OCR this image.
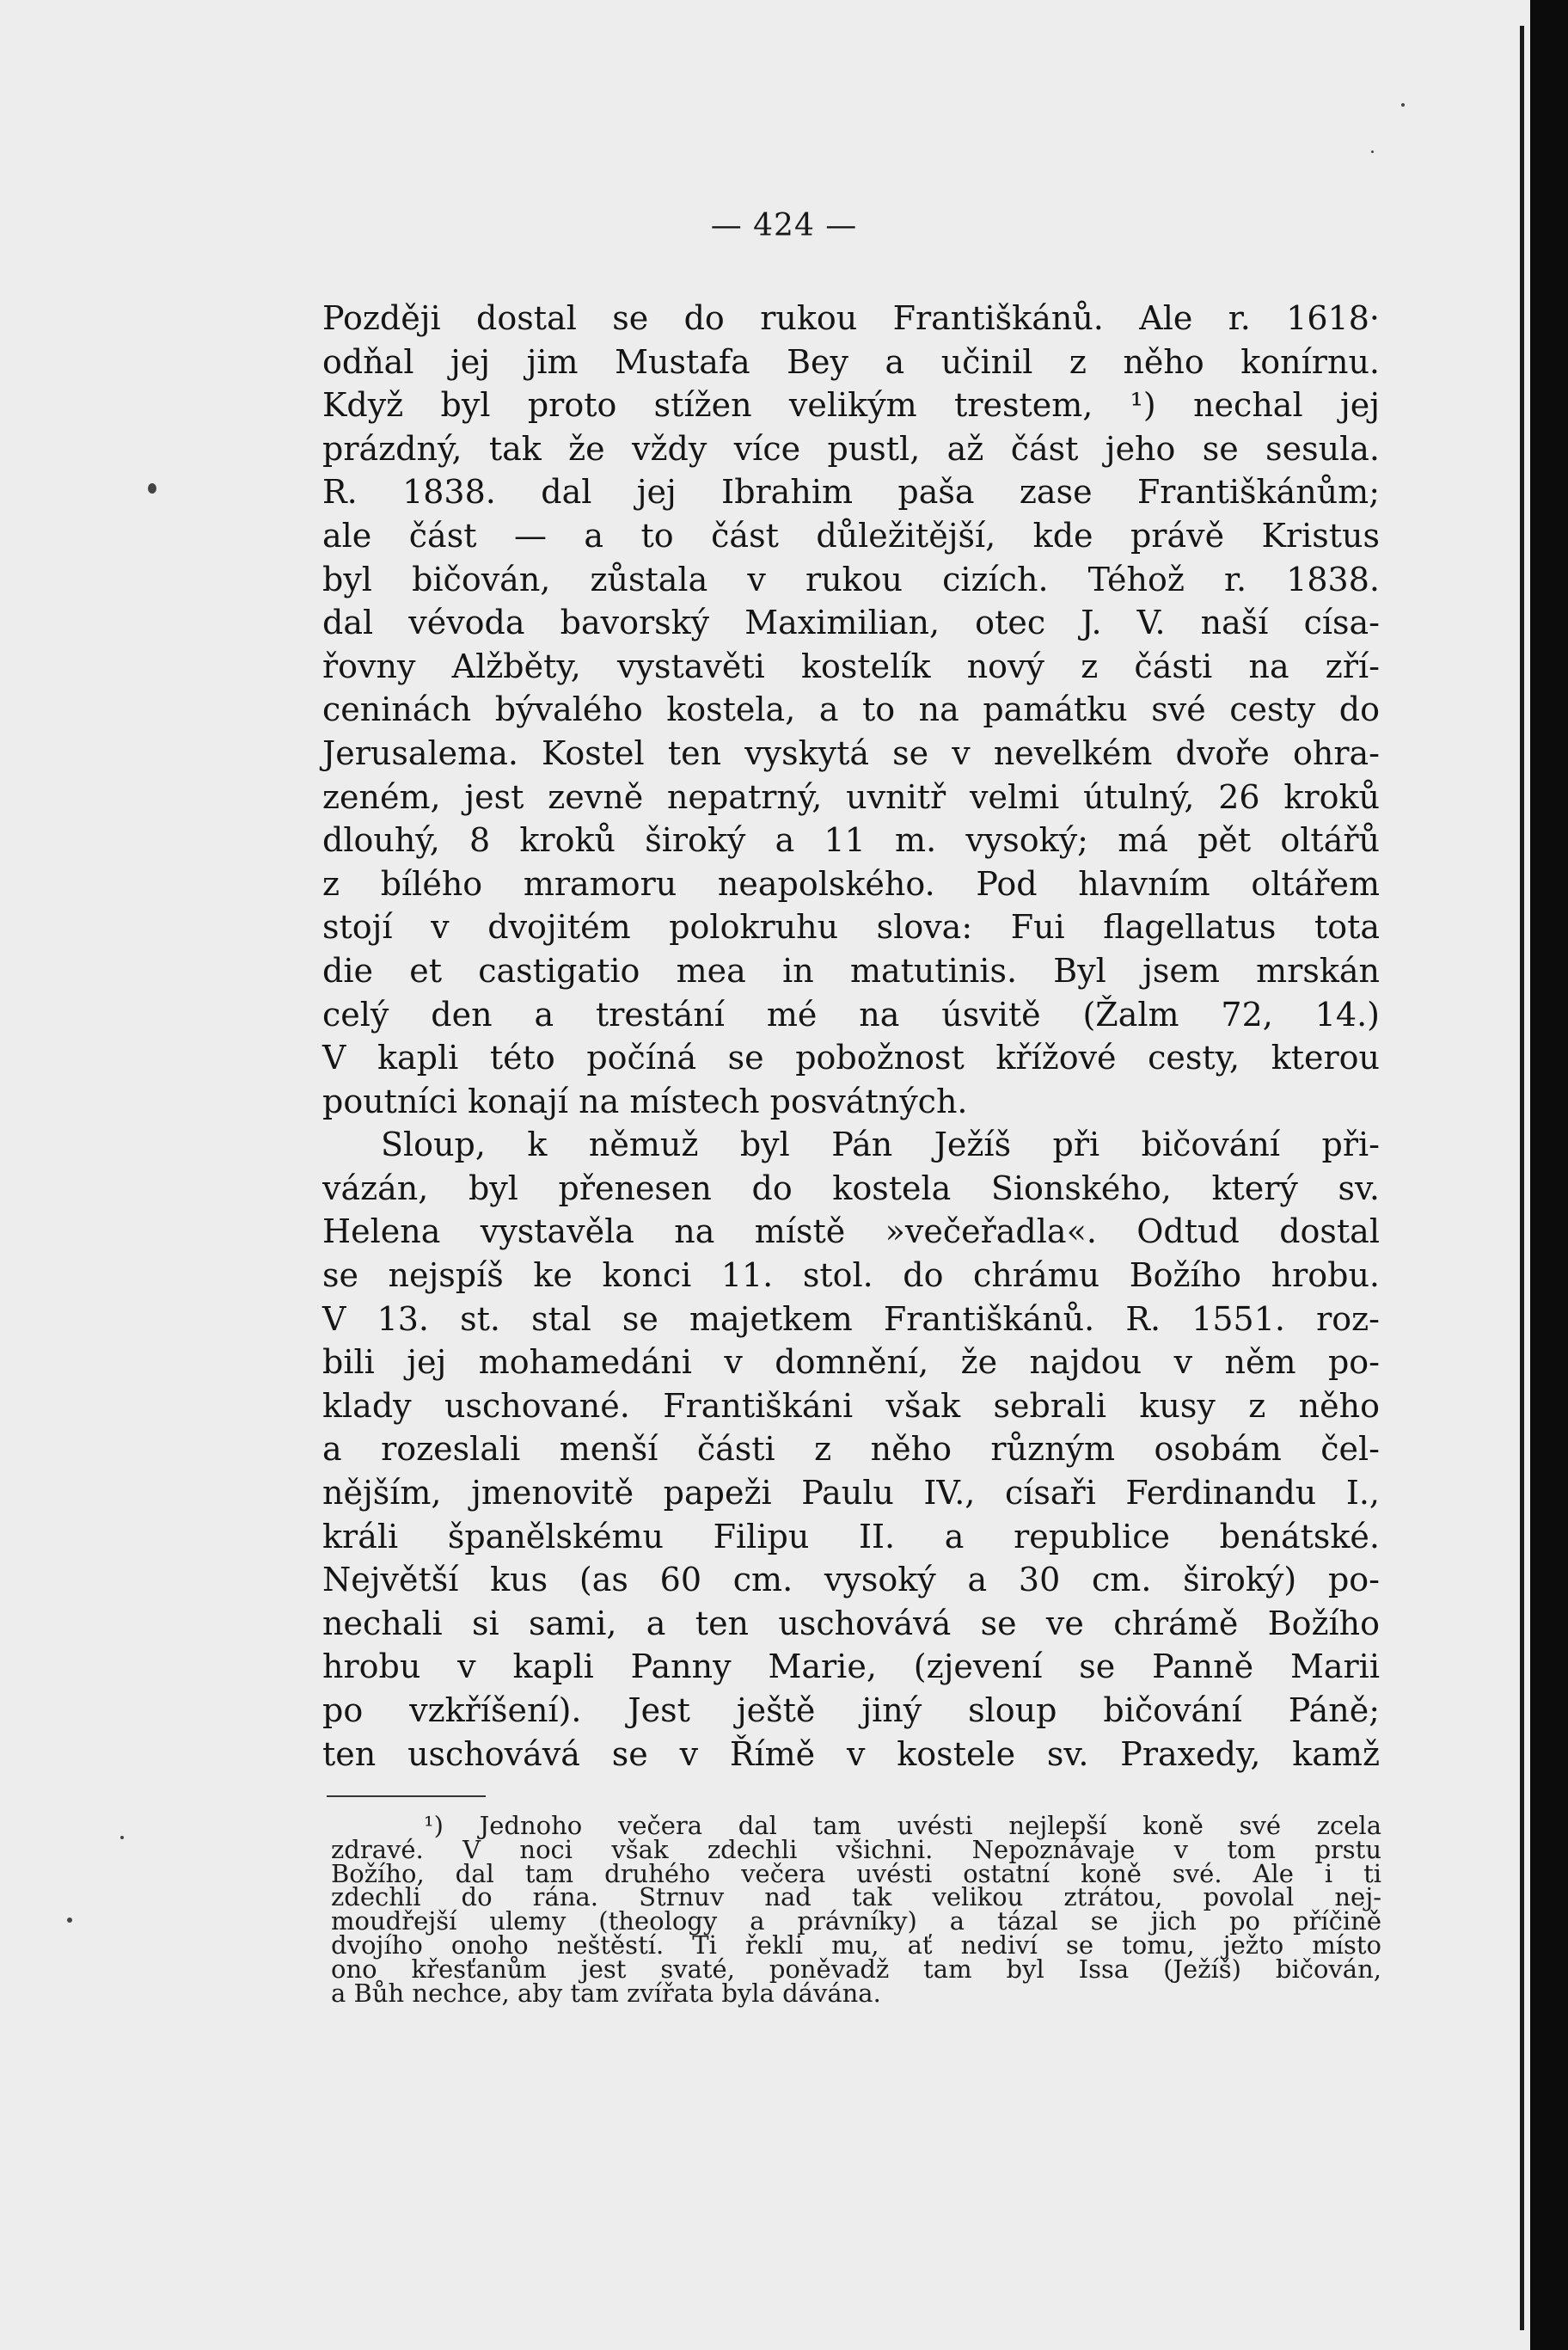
— 424 —
Později dostal se do rukou Františkánů. Ale r. 1618·
odňal jej jim Mustafa Bey a učinil z něho konírnu.
Když byl proto stížen velikým trestem, ¹) nechal jej
prázdný, tak že vždy více pustl, až část jeho se sesula.
R. 1838. dal jej Ibrahim paša zase Františkánům;
ale část — a to část důležitější, kde právě Kristus
byl bičován, zůstala v rukou cizích. Téhož r. 1838.
dal vévoda bavorský Maximilian, otec J. V. naší císa-
řovny Alžběty, vystavěti kostelík nový z části na zří-
ceninách bývalého kostela, a to na památku své cesty do
Jerusalema. Kostel ten vyskytá se v nevelkém dvoře ohra-
zeném, jest zevně nepatrný, uvnitř velmi útulný, 26 kroků
dlouhý, 8 kroků široký a 11 m. vysoký; má pět oltářů
z bílého mramoru neapolského. Pod hlavním oltářem
stojí v dvojitém polokruhu slova: Fui flagellatus tota
die et castigatio mea in matutinis. Byl jsem mrskán
celý den a trestání mé na úsvitě (Žalm 72, 14.)
V kapli této počíná se pobožnost křížové cesty, kterou
poutníci konají na místech posvátných.
Sloup, k němuž byl Pán Ježíš při bičování při-
vázán, byl přenesen do kostela Sionského, který sv.
Helena vystavěla na místě »večeřadla«. Odtud dostal
se nejspíš ke konci 11. stol. do chrámu Božího hrobu.
V 13. st. stal se majetkem Františkánů. R. 1551. roz-
bili jej mohamedáni v domnění, že najdou v něm po-
klady uschované. Františkáni však sebrali kusy z něho
a rozeslali menší části z něho různým osobám čel-
nějším, jmenovitě papeži Paulu IV., císaři Ferdinandu I.,
králi španělskému Filipu II. a republice benátské.
Největší kus (as 60 cm. vysoký a 30 cm. široký) po-
nechali si sami, a ten uschovává se ve chrámě Božího
hrobu v kapli Panny Marie, (zjevení se Panně Marii
po vzkříšení). Jest ještě jiný sloup bičování Páně;
ten uschovává se v Římě v kostele sv. Praxedy, kamž
¹) Jednoho večera dal tam uvésti nejlepší koně své zcela
zdravé. V noci však zdechli všichni. Nepoznávaje v tom prstu
Božího, dal tam druhého večera uvésti ostatní koně své. Ale i ti
zdechli do rána. Strnuv nad tak velikou ztrátou, povolal nej-
moudřejší ulemy (theology a právníky) a tázal se jich po příčině
dvojího onoho neštěstí. Ti řekli mu, ať nediví se tomu, ježto místo
ono křesťanům jest svaté, poněvadž tam byl Issa (Ježíš) bičován,
a Bůh nechce, aby tam zvířata byla dávána.
